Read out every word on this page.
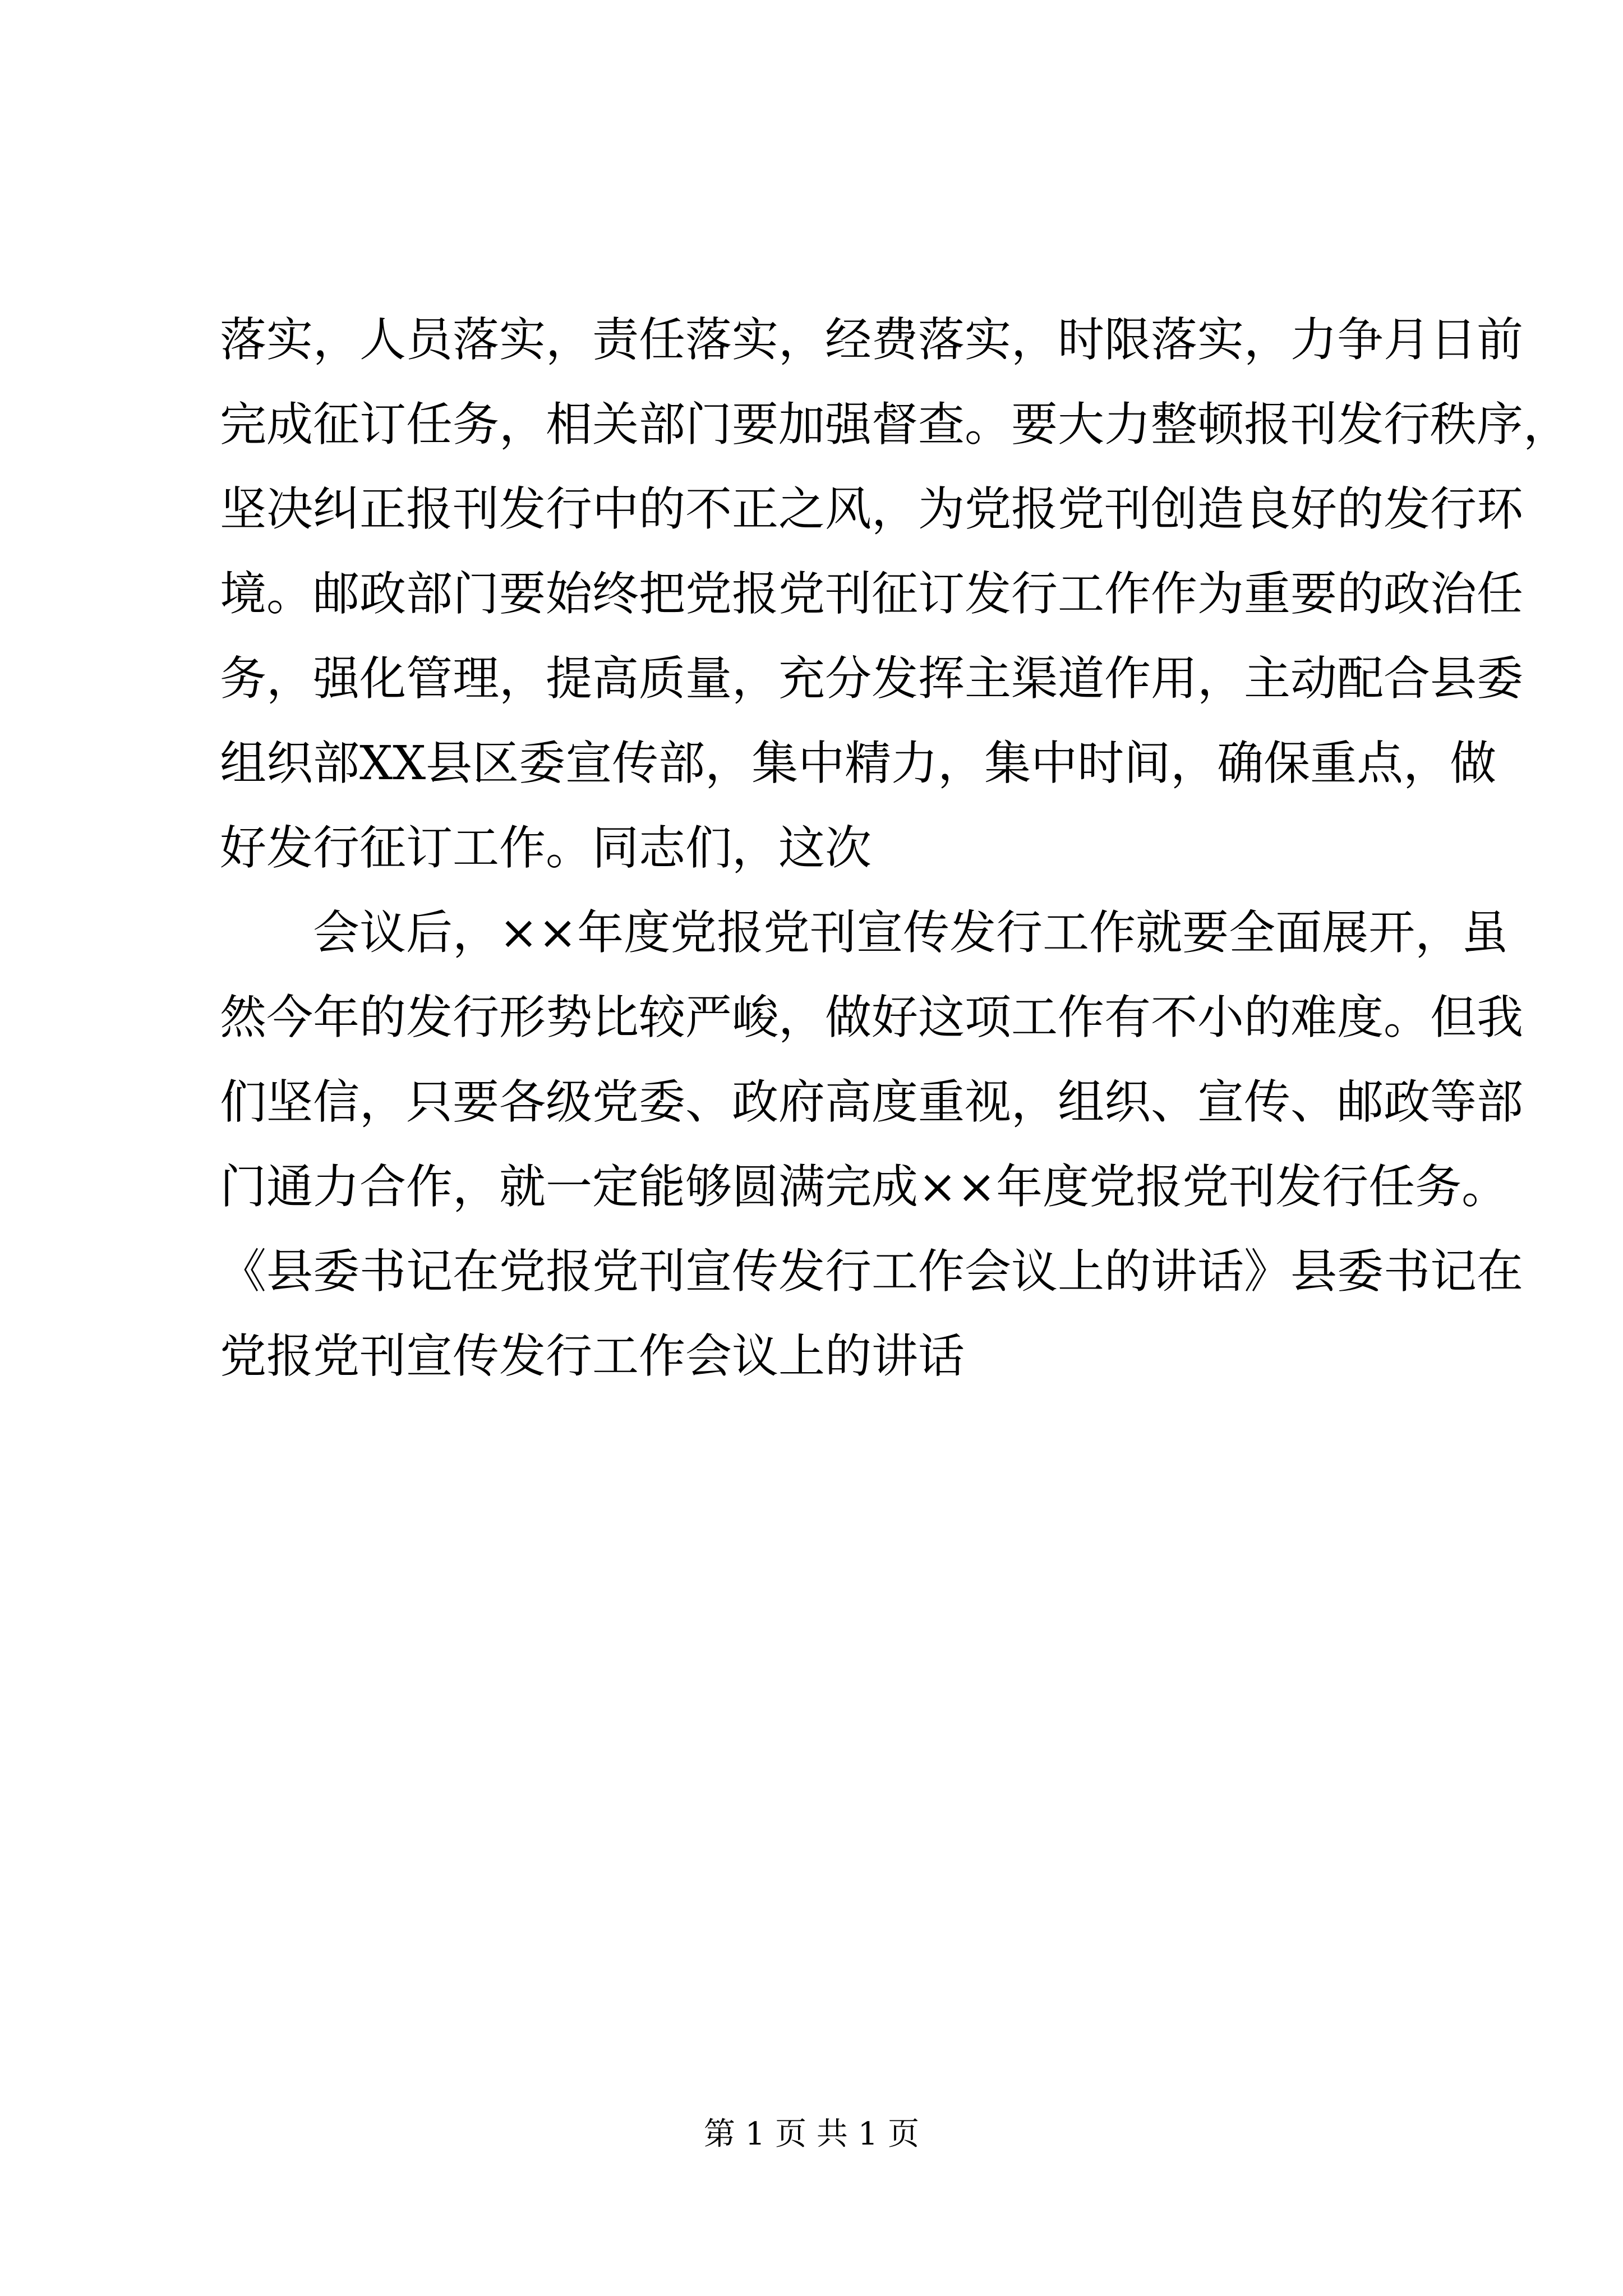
落实，人员落实，责任落实，经费落实，时限落实，力争月日前
完成征订任务，相关部门要加强督查。要大力整顿报刊发行秩序，
坚决纠正报刊发行中的不正之风，为党报党刊创造良好的发行环
境。邮政部门要始终把党报党刊征订发行工作作为重要的政治任
务，强化管理，提高质量，充分发挥主渠道作用，主动配合县委
组织部XX县区委宣传部，集中精力，集中时间，确保重点，做
好发行征订工作。同志们，这次
会议后，××年度党报党刊宣传发行工作就要全面展开，虽
然今年的发行形势比较严峻，做好这项工作有不小的难度。但我
们坚信，只要各级党委、政府高度重视，组织、宣传、邮政等部
门通力合作，就一定能够圆满完成××年度党报党刊发行任务。
《县委书记在党报党刊宣传发行工作会议上的讲话》县委书记在
党报党刊宣传发行工作会议上的讲话
第 1 页 共 1 页
